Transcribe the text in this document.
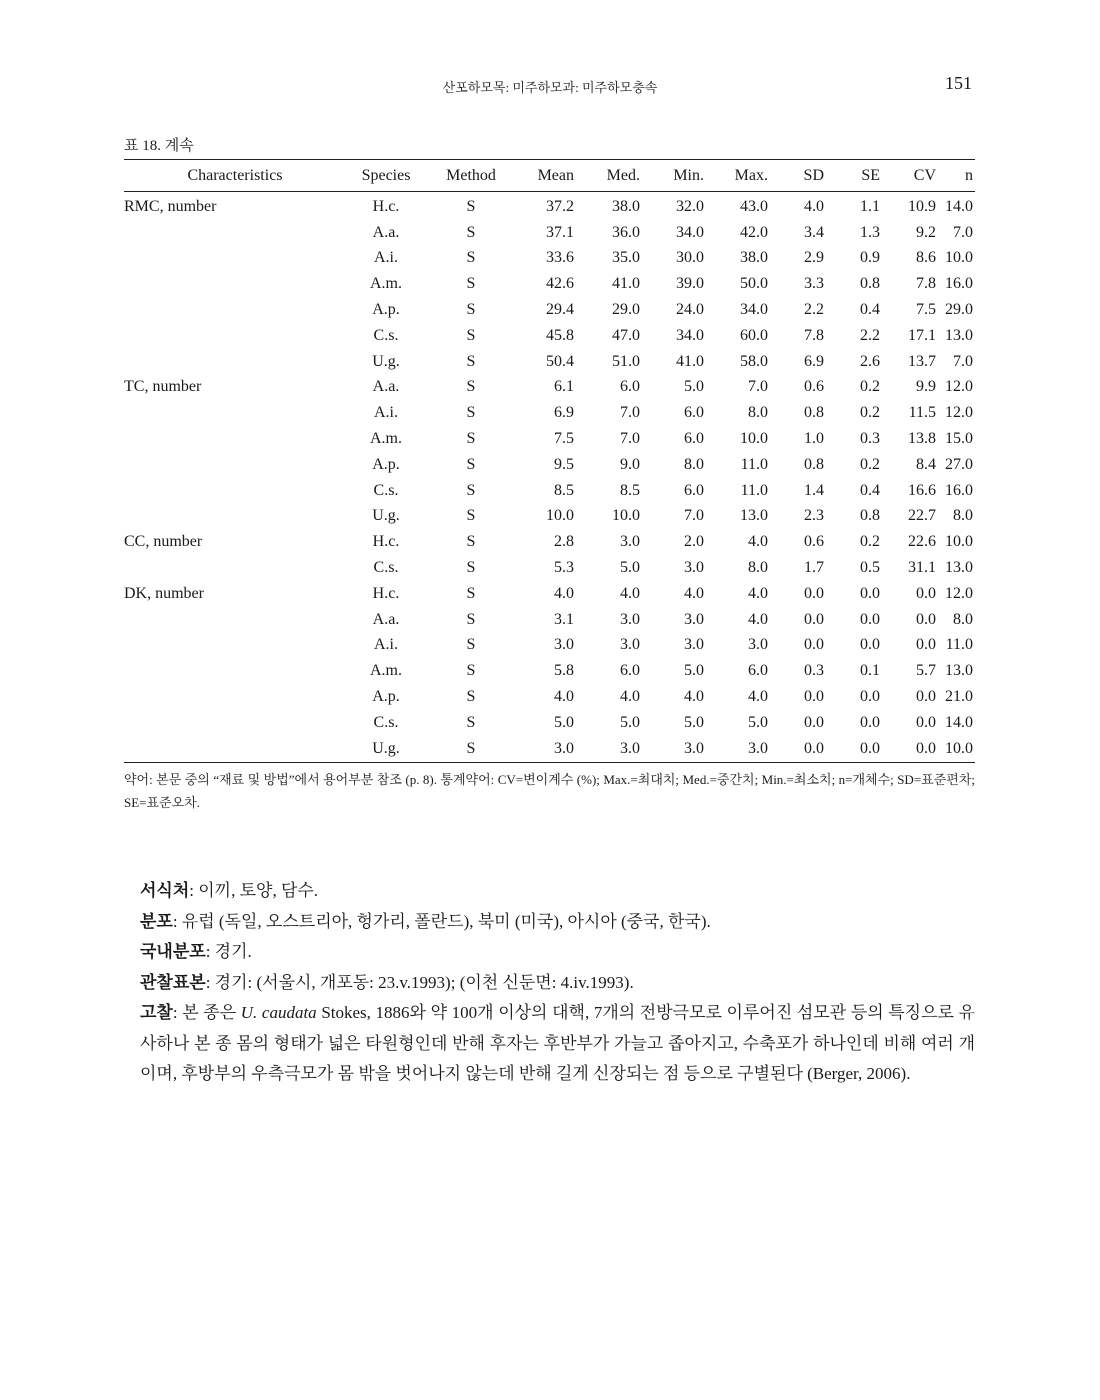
산포하모목: 미주하모과: 미주하모충속	151
표 18. 계속
Characteristics	Species	Method	Mean	Med.	Min.	Max.	SD	SE	CV	n
RMC, number	H.c.	S	37.2	38.0	32.0	43.0	4.0	1.1	10.9	14.0
	A.a.	S	37.1	36.0	34.0	42.0	3.4	1.3	9.2	7.0
	A.i.	S	33.6	35.0	30.0	38.0	2.9	0.9	8.6	10.0
	A.m.	S	42.6	41.0	39.0	50.0	3.3	0.8	7.8	16.0
	A.p.	S	29.4	29.0	24.0	34.0	2.2	0.4	7.5	29.0
	C.s.	S	45.8	47.0	34.0	60.0	7.8	2.2	17.1	13.0
	U.g.	S	50.4	51.0	41.0	58.0	6.9	2.6	13.7	7.0
TC, number	A.a.	S	6.1	6.0	5.0	7.0	0.6	0.2	9.9	12.0
	A.i.	S	6.9	7.0	6.0	8.0	0.8	0.2	11.5	12.0
	A.m.	S	7.5	7.0	6.0	10.0	1.0	0.3	13.8	15.0
	A.p.	S	9.5	9.0	8.0	11.0	0.8	0.2	8.4	27.0
	C.s.	S	8.5	8.5	6.0	11.0	1.4	0.4	16.6	16.0
	U.g.	S	10.0	10.0	7.0	13.0	2.3	0.8	22.7	8.0
CC, number	H.c.	S	2.8	3.0	2.0	4.0	0.6	0.2	22.6	10.0
	C.s.	S	5.3	5.0	3.0	8.0	1.7	0.5	31.1	13.0
DK, number	H.c.	S	4.0	4.0	4.0	4.0	0.0	0.0	0.0	12.0
	A.a.	S	3.1	3.0	3.0	4.0	0.0	0.0	0.0	8.0
	A.i.	S	3.0	3.0	3.0	3.0	0.0	0.0	0.0	11.0
	A.m.	S	5.8	6.0	5.0	6.0	0.3	0.1	5.7	13.0
	A.p.	S	4.0	4.0	4.0	4.0	0.0	0.0	0.0	21.0
	C.s.	S	5.0	5.0	5.0	5.0	0.0	0.0	0.0	14.0
	U.g.	S	3.0	3.0	3.0	3.0	0.0	0.0	0.0	10.0
약어: 본문 중의 “재료 및 방법”에서 용어부분 참조 (p. 8). 통계약어: CV=변이계수 (%); Max.=최대치; Med.=중간치; Min.=최소치; n=개체수; SD=표준편차; SE=표준오차.

서식처: 이끼, 토양, 담수.

분포: 유럽 (독일, 오스트리아, 헝가리, 폴란드), 북미 (미국), 아시아 (중국, 한국).

국내분포: 경기.

관찰표본: 경기: (서울시, 개포동: 23.v.1993); (이천 신둔면: 4.iv.1993).

고찰: 본 종은 U. caudata Stokes, 1886와 약 100개 이상의 대핵, 7개의 전방극모로 이루어진 섬모관 등의 특징으로 유사하나 본 종 몸의 형태가 넓은 타원형인데 반해 후자는 후반부가 가늘고 좁아지고, 수축포가 하나인데 비해 여러 개이며, 후방부의 우측극모가 몸 밖을 벗어나지 않는데 반해 길게 신장되는 점 등으로 구별된다 (Berger, 2006).
